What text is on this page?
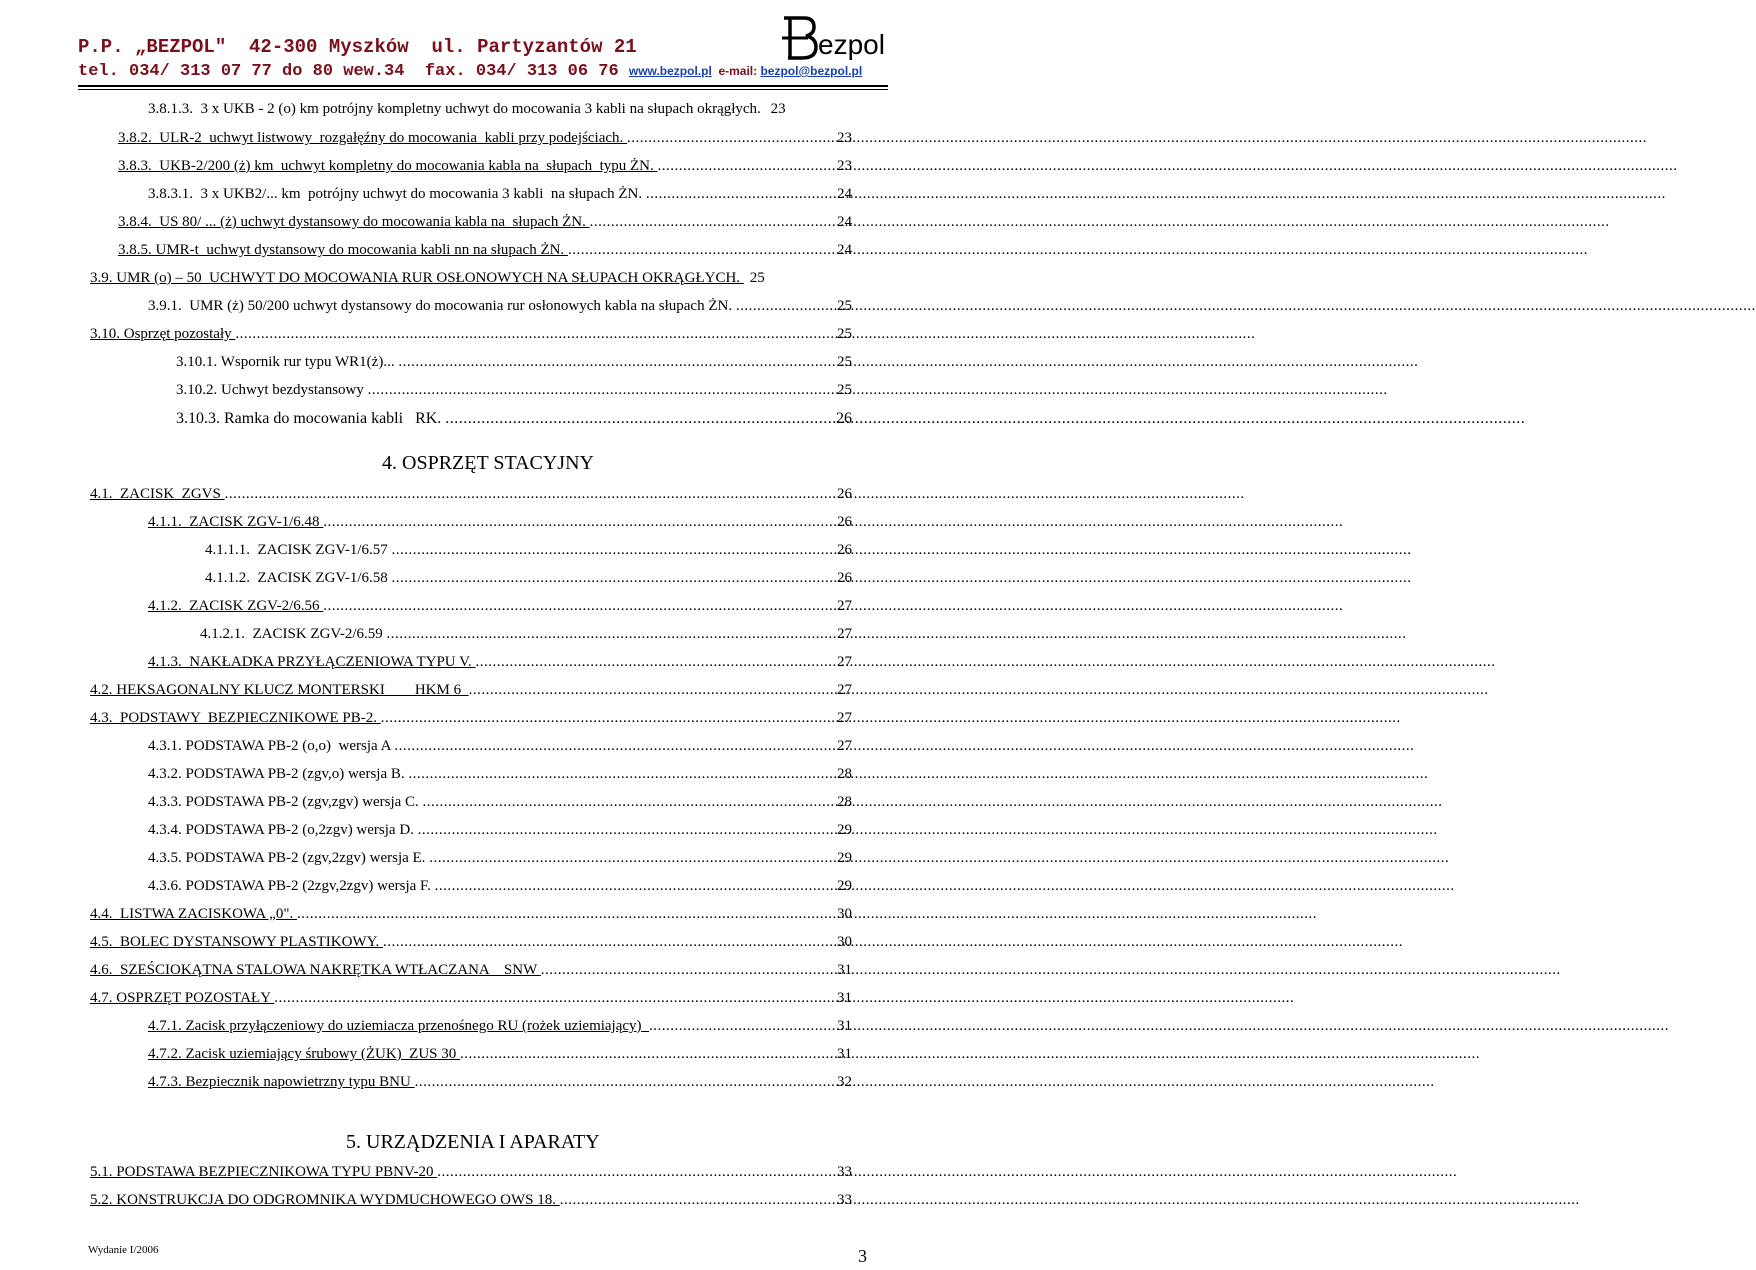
P.P. „BEZPOL"  42-300 Myszków  ul. Partyzantów 21
tel. 034/ 313 07 77 do 80 wew.34  fax. 034/ 313 06 76 www.bezpol.pl  e-mail: bezpol@bezpol.pl
ezpol
3.8.1.3.  3 x UKB - 2 (o) km potrójny kompletny uchwyt do mocowania 3 kabli na słupach okrągłych. 23
3.8.2.  ULR-2  uchwyt listwowy  rozgałęźny do mocowania  kabli przy podejściach. .....	23
3.8.3.  UKB-2/200 (ż) km  uchwyt kompletny do mocowania kabla na  słupach  typu ŻN. .....	23
3.8.3.1.  3 x UKB2/... km  potrójny uchwyt do mocowania 3 kabli  na słupach ŻN. .....	24
3.8.4.  US 80/ ... (ż) uchwyt dystansowy do mocowania kabla na  słupach ŻN. .....	24
3.8.5. UMR-t  uchwyt dystansowy do mocowania kabli nn na słupach ŻN. .....	24
3.9. UMR (o) – 50  UCHWYT DO MOCOWANIA RUR OSŁONOWYCH NA SŁUPACH OKRĄGŁYCH. 25
3.9.1.  UMR (ż) 50/200 uchwyt dystansowy do mocowania rur osłonowych kabla na słupach ŻN. .....	25
3.10. Osprzęt pozostały .....	25
3.10.1. Wspornik rur typu WR1(ż)... .....	25
3.10.2. Uchwyt bezdystansowy .....	25
3.10.3. Ramka do mocowania kabli   RK. .....	26
4. OSPRZĘT STACYJNY
4.1.  ZACISK  ZGVS .....	26
4.1.1.  ZACISK ZGV-1/6.48 .....	26
4.1.1.1.  ZACISK ZGV-1/6.57 .....	26
4.1.1.2.  ZACISK ZGV-1/6.58 .....	26
4.1.2.  ZACISK ZGV-2/6.56 .....	27
4.1.2.1.  ZACISK ZGV-2/6.59 .....	27
4.1.3.  NAKŁADKA PRZYŁĄCZENIOWA TYPU V. .....	27
4.2. HEKSAGONALNY KLUCZ MONTERSKI        HKM 6 .....	27
4.3.  PODSTAWY  BEZPIECZNIKOWE PB-2. .....	27
4.3.1. PODSTAWA PB-2 (o,o)  wersja A .....	27
4.3.2. PODSTAWA PB-2 (zgv,o) wersja B. .....	28
4.3.3. PODSTAWA PB-2 (zgv,zgv) wersja C. .....	28
4.3.4. PODSTAWA PB-2 (o,2zgv) wersja D. .....	29
4.3.5. PODSTAWA PB-2 (zgv,2zgv) wersja E. .....	29
4.3.6. PODSTAWA PB-2 (2zgv,2zgv) wersja F. .....	29
4.4.  LISTWA ZACISKOWA „0". .....	30
4.5.  BOLEC DYSTANSOWY PLASTIKOWY. .....	30
4.6.  SZEŚCIOKĄTNA STALOWA NAKRĘTKA WTŁACZANA    SNW .....	31
4.7. OSPRZĘT POZOSTAŁY .....	31
4.7.1. Zacisk przyłączeniowy do uziemiacza przenośnego RU (rożek uziemiający) .....	31
4.7.2. Zacisk uziemiający śrubowy (ŻUK)  ZUS 30 .....	31
4.7.3. Bezpiecznik napowietrzny typu BNU .....	32
5. URZĄDZENIA I APARATY
5.1. PODSTAWA BEZPIECZNIKOWA TYPU PBNV-20 .....	33
5.2. KONSTRUKCJA DO ODGROMNIKA WYDMUCHOWEGO OWS 18. .....	33
Wydanie I/2006	3
